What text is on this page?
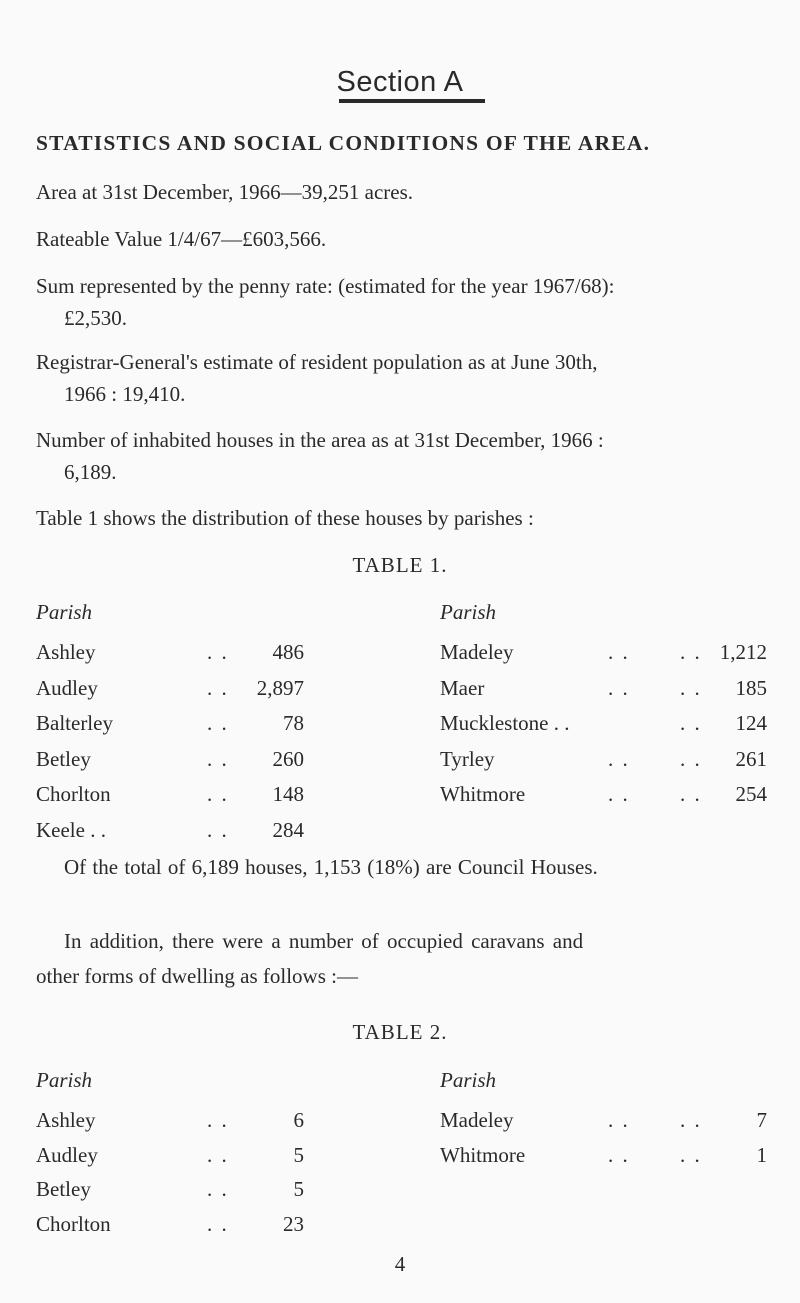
Section A
STATISTICS AND SOCIAL CONDITIONS OF THE AREA.
Area at 31st December, 1966—39,251 acres.
Rateable Value 1/4/67—£603,566.
Sum represented by the penny rate: (estimated for the year 1967/68):
£2,530.
Registrar-General's estimate of resident population as at June 30th,
1966 : 19,410.
Number of inhabited houses in the area as at 31st December, 1966 :
6,189.
Table 1 shows the distribution of these houses by parishes :
TABLE 1.
Parish	Parish
Ashley	. .	486
Audley	. .	2,897
Balterley	. .	78
Betley	. .	260
Chorlton	. .	148
Keele . .	. .	284
Madeley	. . . . 1,212
Maer	. . . .	185
Mucklestone . .	. .	124
Tyrley	. . . .	261
Whitmore	. . . .	254
Of the total of 6,189 houses, 1,153 (18%) are Council Houses.
In addition, there were a number of occupied caravans and
other forms of dwelling as follows :—
TABLE 2.
Parish	Parish
Ashley	. .	6
Audley	. .	5
Betley	. .	5
Chorlton	. .	23
Madeley	. . . .	7
Whitmore	. . . .	1
4
